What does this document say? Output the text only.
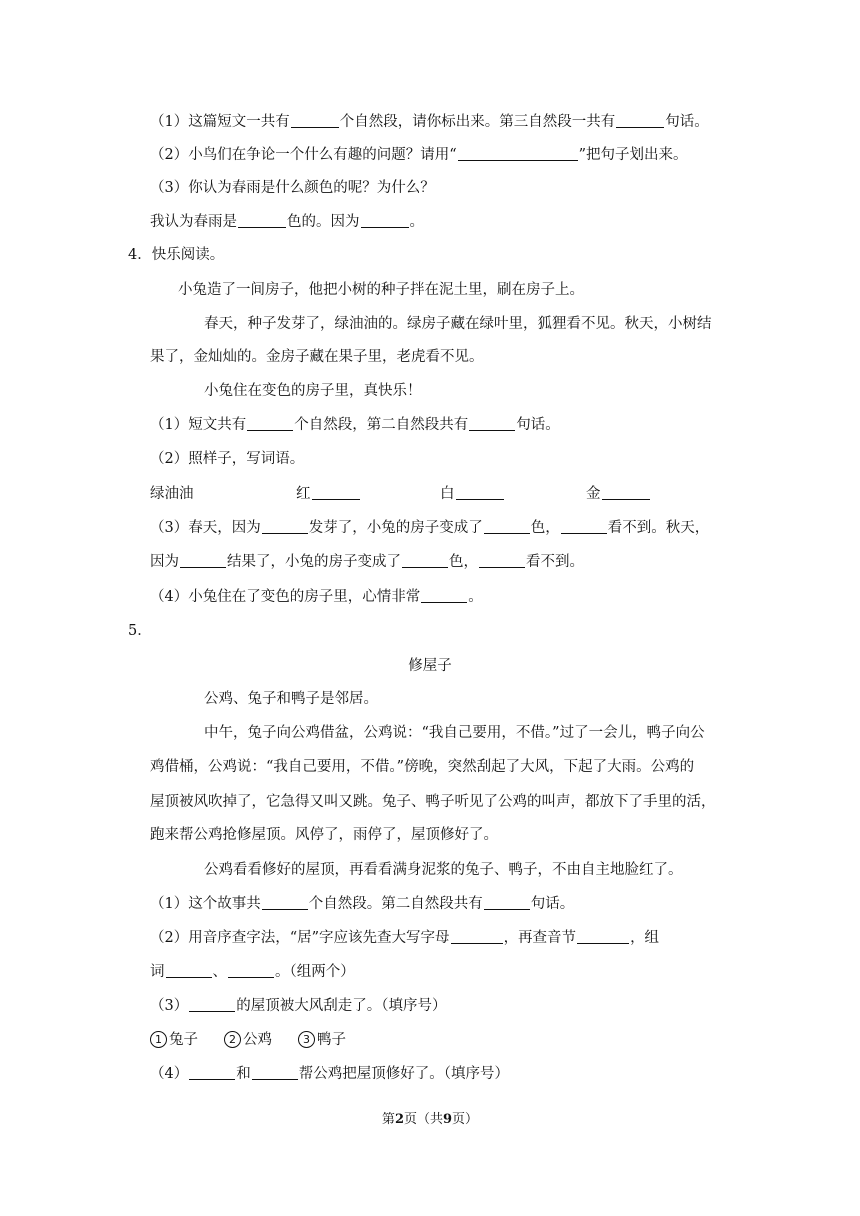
（1）这篇短文一共有	个自然段，请你标出来。第三自然段一共有	句话。
（2）小鸟们在争论一个什么有趣的问题？请用“	”把句子划出来。
（3）你认为春雨是什么颜色的呢？为什么？
我认为春雨是	色的。因为	。
4．快乐阅读。
小兔造了一间房子，他把小树的种子拌在泥土里，刷在房子上。
春天，种子发芽了，绿油油的。绿房子藏在绿叶里，狐狸看不见。秋天，小树结
果了，金灿灿的。金房子藏在果子里，老虎看不见。
小兔住在变色的房子里，真快乐！
（1）短文共有	个自然段，第二自然段共有	句话。
（2）照样子，写词语。
绿油油	红	白	金
（3）春天，因为	发芽了，小兔的房子变成了	色，	看不到。秋天，
因为	结果了，小兔的房子变成了	色，	看不到。
（4）小兔住在了变色的房子里，心情非常	。
5．
修屋子
公鸡、兔子和鸭子是邻居。
中午，兔子向公鸡借盆，公鸡说：“我自己要用，不借。”过了一会儿，鸭子向公
鸡借桶，公鸡说：“我自己要用，不借。”傍晚，突然刮起了大风，下起了大雨。公鸡的
屋顶被风吹掉了，它急得又叫又跳。兔子、鸭子听见了公鸡的叫声，都放下了手里的活，
跑来帮公鸡抢修屋顶。风停了，雨停了，屋顶修好了。
公鸡看看修好的屋顶，再看看满身泥浆的兔子、鸭子，不由自主地脸红了。
（1）这个故事共	个自然段。第二自然段共有	句话。
（2）用音序查字法，“居”字应该先查大写字母	，再查音节	，组
词	、	。（组两个）
（3）	的屋顶被大风刮走了。（填序号）
1 兔子	2 公鸡	3 鸭子
（4）	和	帮公鸡把屋顶修好了。（填序号）
第2页（共9页）
